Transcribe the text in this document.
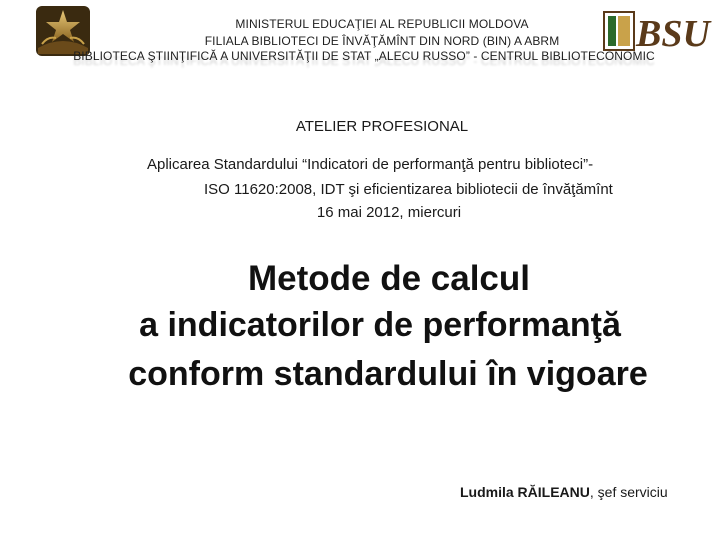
BSU
MINISTERUL EDUCAŢIEI AL REPUBLICII MOLDOVA
FILIALA BIBLIOTECI DE ÎNVĂŢĂMÎNT DIN NORD (BIN) A ABRM
BIBLIOTECA ŞTIINŢIFICĂ A UNIVERSITĂŢII DE STAT „ALECU RUSSO” - CENTRUL BIBLIOTECONOMIC
ATELIER PROFESIONAL
Aplicarea Standardului “Indicatori de performanţă pentru biblioteci”-
ISO 11620:2008, IDT şi eficientizarea bibliotecii de învăţămînt
16 mai 2012, miercuri
Metode de calcul
a indicatorilor de performanţă
conform standardului în vigoare
Ludmila RĂILEANU, şef serviciu
